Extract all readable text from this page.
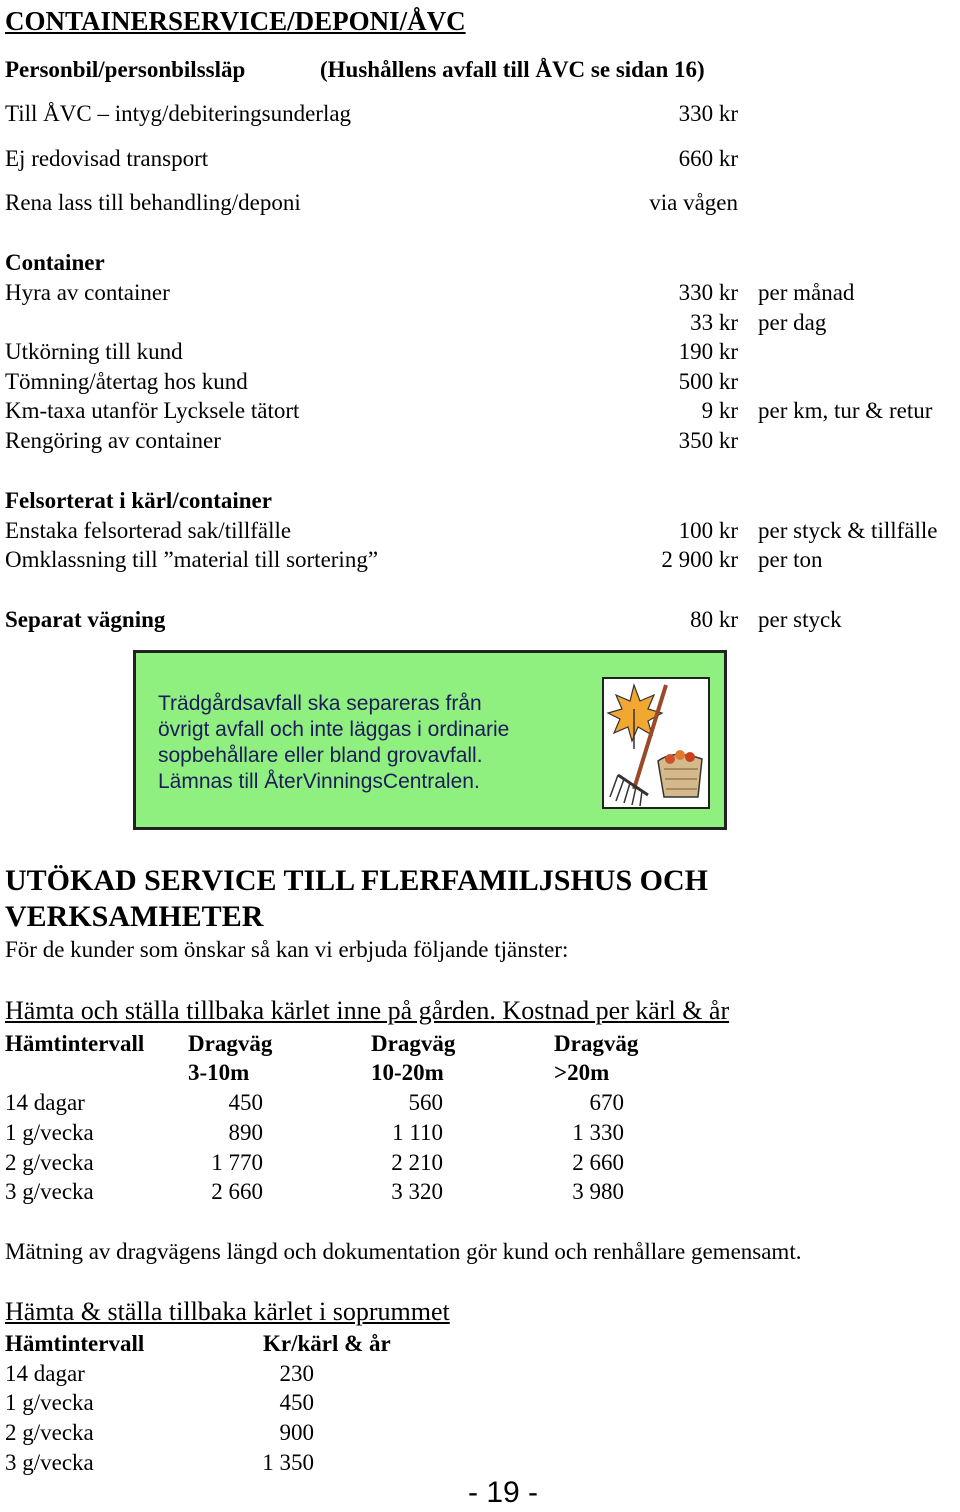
CONTAINERSERVICE/DEPONI/ÅVC
Personbil/personbilssläp	(Hushållens avfall till ÅVC se sidan 16)
Till ÅVC – intyg/debiteringsunderlag	330 kr
Ej redovisad transport	660 kr
Rena lass till behandling/deponi	via vågen
Container
Hyra av container	330 kr per månad
33 kr per dag
Utkörning till kund	190 kr
Tömning/återtag hos kund	500 kr
Km-taxa utanför Lycksele tätort	9 kr per km, tur & retur
Rengöring av container	350 kr
Felsorterat i kärl/container
Enstaka felsorterad sak/tillfälle	100 kr per styck & tillfälle
Omklassning till ”material till sortering”	2 900 kr per ton
Separat vägning	80 kr per styck
Trädgårdsavfall ska separeras från
övrigt avfall och inte läggas i ordinarie
sopbehållare eller bland grovavfall.
Lämnas till ÅterVinningsCentralen.
UTÖKAD SERVICE TILL FLERFAMILJSHUS OCH
VERKSAMHETER
För de kunder som önskar så kan vi erbjuda följande tjänster:
Hämta och ställa tillbaka kärlet inne på gården. Kostnad per kärl & år
Hämtintervall Dragväg	Dragväg	Dragväg
3-10m	10-20m	>20m
14 dagar	450	560	670
1 g/vecka	890	1 110	1 330
2 g/vecka	1 770	2 210	2 660
3 g/vecka	2 660	3 320	3 980
Mätning av dragvägens längd och dokumentation gör kund och renhållare gemensamt.
Hämta & ställa tillbaka kärlet i soprummet
Hämtintervall	Kr/kärl & år
14 dagar	230
1 g/vecka	450
2 g/vecka	900
3 g/vecka	1 350
- 19 -
